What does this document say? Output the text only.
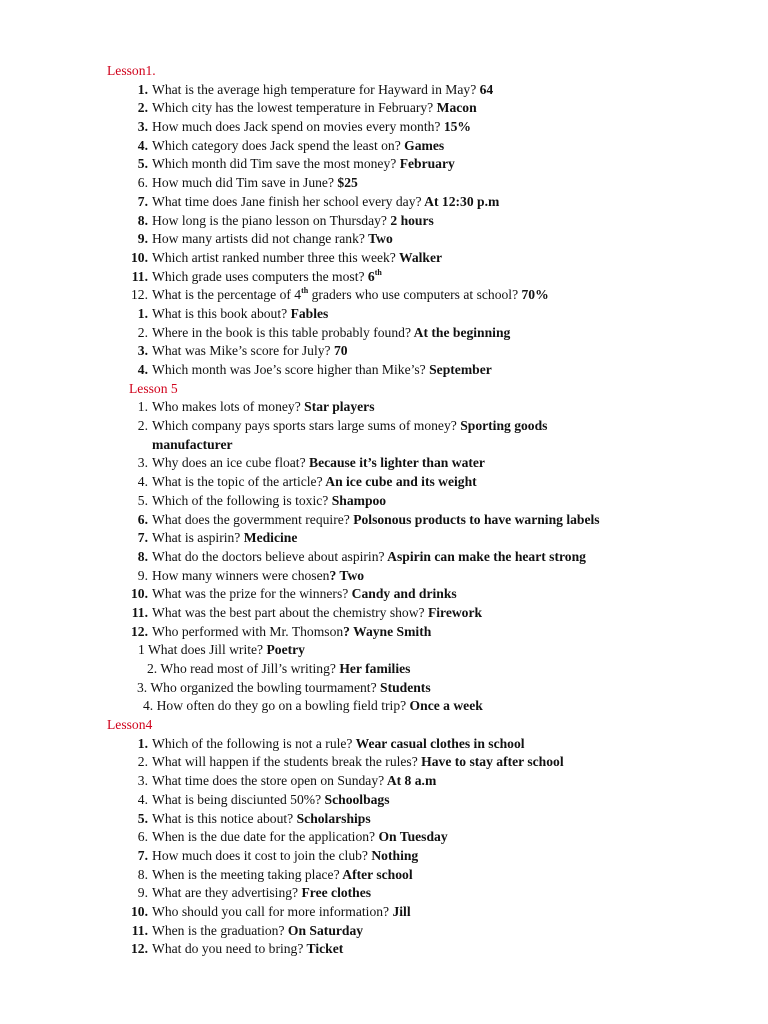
Lesson1.
1. What is the average high temperature for Hayward in May? 64
2. Which city has the lowest temperature in February? Macon
3. How much does Jack spend on movies every month? 15%
4. Which category does Jack spend the least on? Games
5. Which month did Tim save the most money? February
6. How much did Tim save in June? $25
7. What time does Jane finish her school every day? At 12:30 p.m
8. How long is the piano lesson on Thursday? 2 hours
9. How many artists did not change rank? Two
10. Which artist ranked number three this week? Walker
11. Which grade uses computers the most? 6th
12. What is the percentage of 4th graders who use computers at school? 70%
1. What is this book about? Fables
2. Where in the book is this table probably found? At the beginning
3. What was Mike’s score for July? 70
4. Which month was Joe’s score higher than Mike’s? September
Lesson 5
1. Who makes lots of money? Star players
2. Which company pays sports stars large sums of money? Sporting goods
manufacturer
3. Why does an ice cube float? Because it’s lighter than water
4. What is the topic of the article? An ice cube and its weight
5. Which of the following is toxic? Shampoo
6. What does the govermment require? Polsonous products to have warning labels
7. What is aspirin? Medicine
8. What do the doctors believe about aspirin? Aspirin can make the heart strong
9. How many winners were chosen? Two
10. What was the prize for the winners? Candy and drinks
11. What was the best part about the chemistry show? Firework
12. Who performed with Mr. Thomson? Wayne Smith
1 What does Jill write? Poetry
2. Who read most of Jill’s writing? Her families
3. Who organized the bowling tourmament? Students
4. How often do they go on a bowling field trip? Once a week
Lesson4
1. Which of the following is not a rule? Wear casual clothes in school
2. What will happen if the students break the rules? Have to stay after school
3. What time does the store open on Sunday? At 8 a.m
4. What is being disciunted 50%? Schoolbags
5. What is this notice about? Scholarships
6. When is the due date for the application? On Tuesday
7. How much does it cost to join the club? Nothing
8. When is the meeting taking place? After school
9. What are they advertising? Free clothes
10. Who should you call for more information? Jill
11. When is the graduation? On Saturday
12. What do you need to bring? Ticket
